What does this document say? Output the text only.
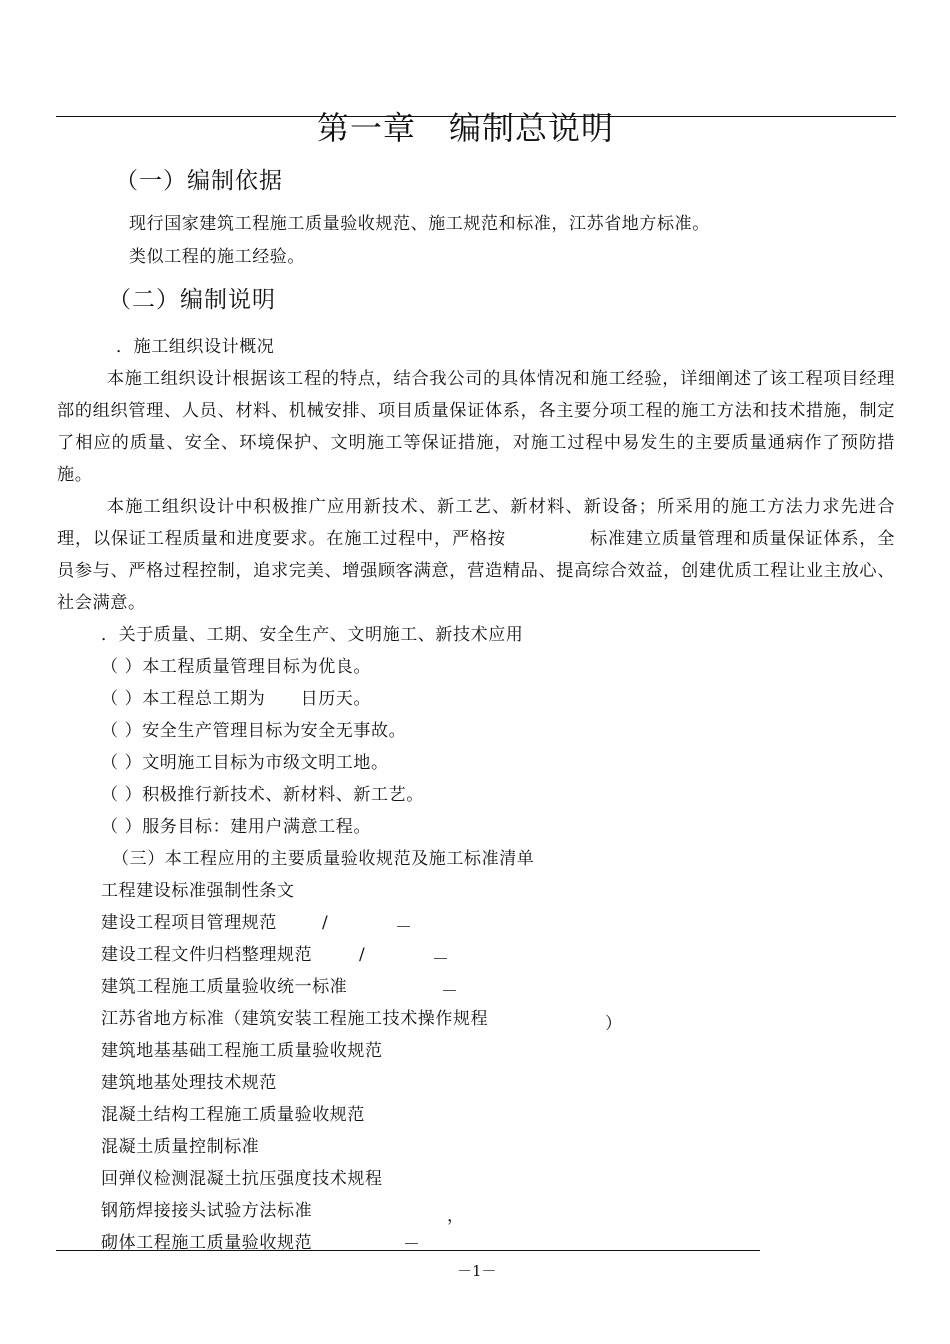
第一章　编制总说明
（一）编制依据
现行国家建筑工程施工质量验收规范、施工规范和标准，江苏省地方标准。
类似工程的施工经验。
（二）编制说明
．施工组织设计概况
本施工组织设计根据该工程的特点，结合我公司的具体情况和施工经验，详细阐述了该工程项目经理部的组织管理、人员、材料、机械安排、项目质量保证体系，各主要分项工程的施工方法和技术措施，制定了相应的质量、安全、环境保护、文明施工等保证措施，对施工过程中易发生的主要质量通病作了预防措施。
本施工组织设计中积极推广应用新技术、新工艺、新材料、新设备；所采用的施工方法力求先进合理，以保证工程质量和进度要求。在施工过程中，严格按	标准建立质量管理和质量保证体系，全员参与、严格过程控制，追求完美、增强顾客满意，营造精品、提高综合效益，创建优质工程让业主放心、社会满意。
．关于质量、工期、安全生产、文明施工、新技术应用
（ ）本工程质量管理目标为优良。
（ ）本工程总工期为　　日历天。
（ ）安全生产管理目标为安全无事故。
（ ）文明施工目标为市级文明工地。
（ ）积极推行新技术、新材料、新工艺。
（ ）服务目标：建用户满意工程。
（三）本工程应用的主要质量验收规范及施工标准清单
工程建设标准强制性条文
建设工程项目管理规范	/	－
建设工程文件归档整理规范	/	－
建筑工程施工质量验收统一标准	－
江苏省地方标准（建筑安装工程施工技术操作规程	）
建筑地基基础工程施工质量验收规范
建筑地基处理技术规范
混凝土结构工程施工质量验收规范
混凝土质量控制标准
回弹仪检测混凝土抗压强度技术规程
钢筋焊接接头试验方法标准	，
砌体工程施工质量验收规范	－
－1－
